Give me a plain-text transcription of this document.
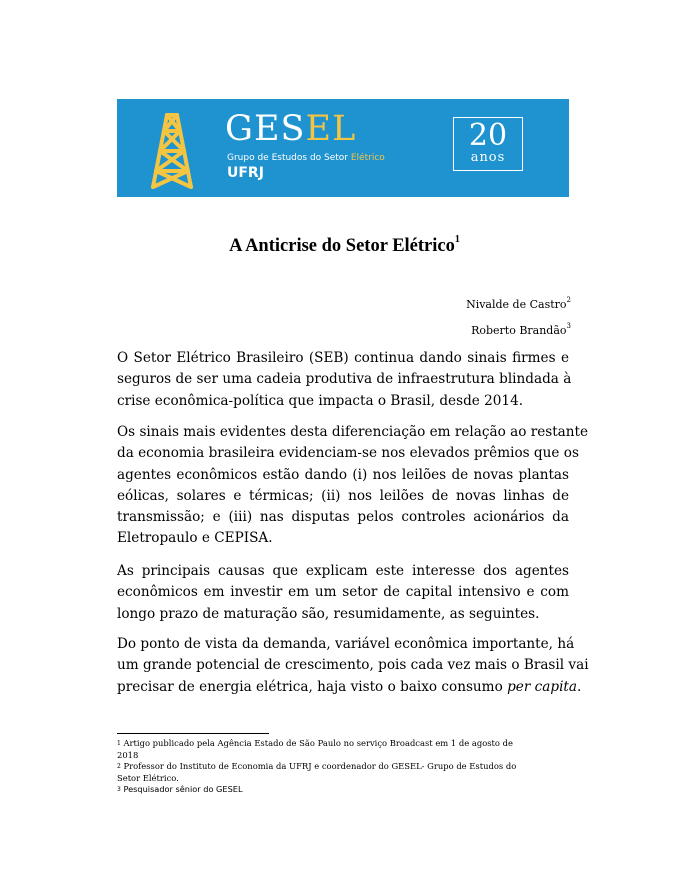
GESEL
Grupo de Estudos do Setor Elétrico
UFRJ
20
anos
A Anticrise do Setor Elétrico$^1$
Nivalde de Castro$^2$
Roberto Brandão$^3$
O Setor Elétrico Brasileiro (SEB) continua dando sinais firmes e
seguros de ser uma cadeia produtiva de infraestrutura blindada à
crise econômica-política que impacta o Brasil, desde 2014.
Os sinais mais evidentes desta diferenciação em relação ao restante
da economia brasileira evidenciam-se nos elevados prêmios que os
agentes econômicos estão dando (i) nos leilões de novas plantas
eólicas, solares e térmicas; (ii) nos leilões de novas linhas de
transmissão; e (iii) nas disputas pelos controles acionários da
Eletropaulo e CEPISA.
As principais causas que explicam este interesse dos agentes
econômicos em investir em um setor de capital intensivo e com
longo prazo de maturação são, resumidamente, as seguintes.
Do ponto de vista da demanda, variável econômica importante, há
um grande potencial de crescimento, pois cada vez mais o Brasil vai
precisar de energia elétrica, haja visto o baixo consumo per capita.
$^1$ Artigo publicado pela Agência Estado de São Paulo no serviço Broadcast em 1 de agosto de
2018
$^2$ Professor do Instituto de Economia da UFRJ e coordenador do GESEL- Grupo de Estudos do
Setor Elétrico.
$^3$ Pesquisador sênior do GESEL
